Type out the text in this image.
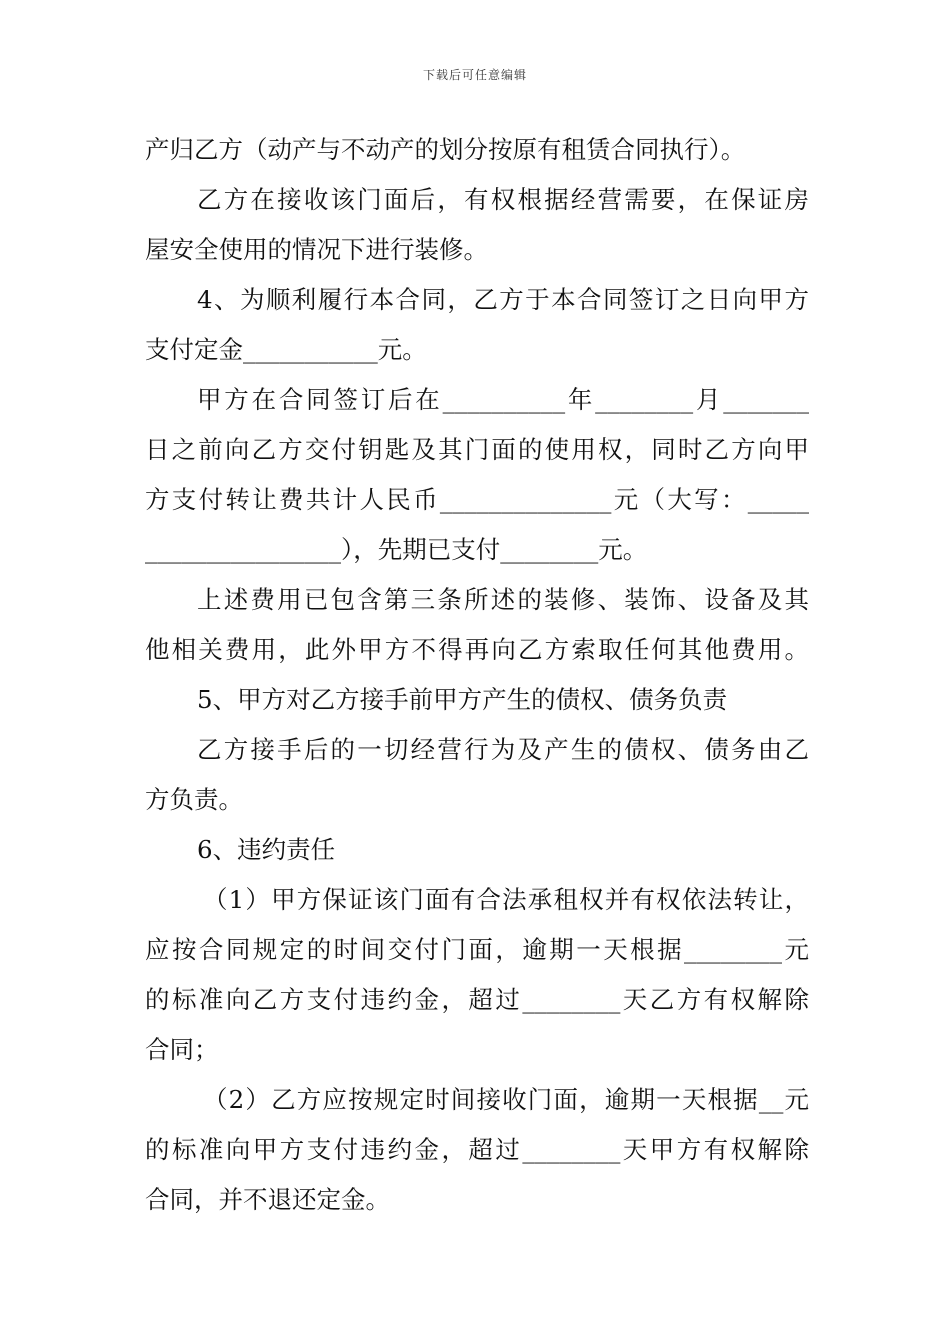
下载后可任意编辑
产归乙方（动产与不动产的划分按原有租赁合同执行）。
乙方在接收该门面后，有权根据经营需要，在保证房
屋安全使用的情况下进行装修。
4、为顺利履行本合同，乙方于本合同签订之日向甲方
支付定金___________元。
甲方在合同签订后在__________年________月_______
日之前向乙方交付钥匙及其门面的使用权，同时乙方向甲
方支付转让费共计人民币______________元（大写：_____
________________），先期已支付________元。
上述费用已包含第三条所述的装修、装饰、设备及其
他相关费用，此外甲方不得再向乙方索取任何其他费用。
5、甲方对乙方接手前甲方产生的债权、债务负责
乙方接手后的一切经营行为及产生的债权、债务由乙
方负责。
6、违约责任
（1）甲方保证该门面有合法承租权并有权依法转让，
应按合同规定的时间交付门面，逾期一天根据________元
的标准向乙方支付违约金，超过________天乙方有权解除
合同；
（2）乙方应按规定时间接收门面，逾期一天根据__元
的标准向甲方支付违约金，超过________天甲方有权解除
合同，并不退还定金。
